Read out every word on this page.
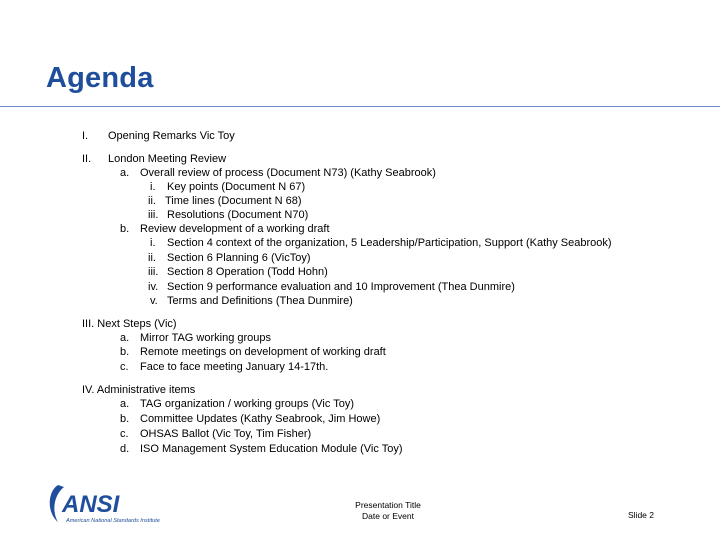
Agenda
I. Opening Remarks Vic Toy
II. London Meeting Review
a. Overall review of process (Document N73) (Kathy Seabrook)
i. Key points (Document N 67)
ii. Time lines (Document N 68)
iii. Resolutions (Document N70)
b. Review development of a working draft
i. Section 4 context of the organization, 5 Leadership/Participation, Support (Kathy Seabrook)
ii. Section 6 Planning 6 (VicToy)
iii. Section 8 Operation (Todd Hohn)
iv. Section 9 performance evaluation and 10 Improvement (Thea Dunmire)
v. Terms and Definitions (Thea Dunmire)
III. Next Steps (Vic)
a. Mirror TAG working groups
b. Remote meetings on development of working draft
c. Face to face meeting January 14-17th.
IV. Administrative items
a. TAG organization / working groups (Vic Toy)
b. Committee Updates (Kathy Seabrook, Jim Howe)
c. OHSAS Ballot (Vic Toy, Tim Fisher)
d. ISO Management System Education Module (Vic Toy)
ANSI
American National Standards Institute
Presentation Title
Date or Event	Slide 2
